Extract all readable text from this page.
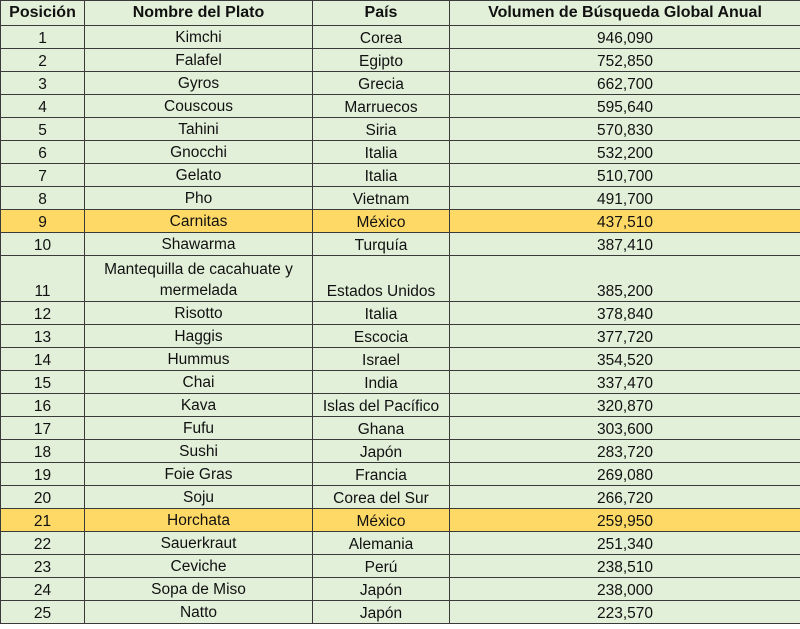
Posición	Nombre del Plato	País	Volumen de Búsqueda Global Anual
1	Kimchi	Corea	946,090
2	Falafel	Egipto	752,850
3	Gyros	Grecia	662,700
4	Couscous	Marruecos	595,640
5	Tahini	Siria	570,830
6	Gnocchi	Italia	532,200
7	Gelato	Italia	510,700
8	Pho	Vietnam	491,700
9	Carnitas	México	437,510
10	Shawarma	Turquía	387,410
11	Mantequilla de cacahuate y mermelada	Estados Unidos	385,200
12	Risotto	Italia	378,840
13	Haggis	Escocia	377,720
14	Hummus	Israel	354,520
15	Chai	India	337,470
16	Kava	Islas del Pacífico	320,870
17	Fufu	Ghana	303,600
18	Sushi	Japón	283,720
19	Foie Gras	Francia	269,080
20	Soju	Corea del Sur	266,720
21	Horchata	México	259,950
22	Sauerkraut	Alemania	251,340
23	Ceviche	Perú	238,510
24	Sopa de Miso	Japón	238,000
25	Natto	Japón	223,570
